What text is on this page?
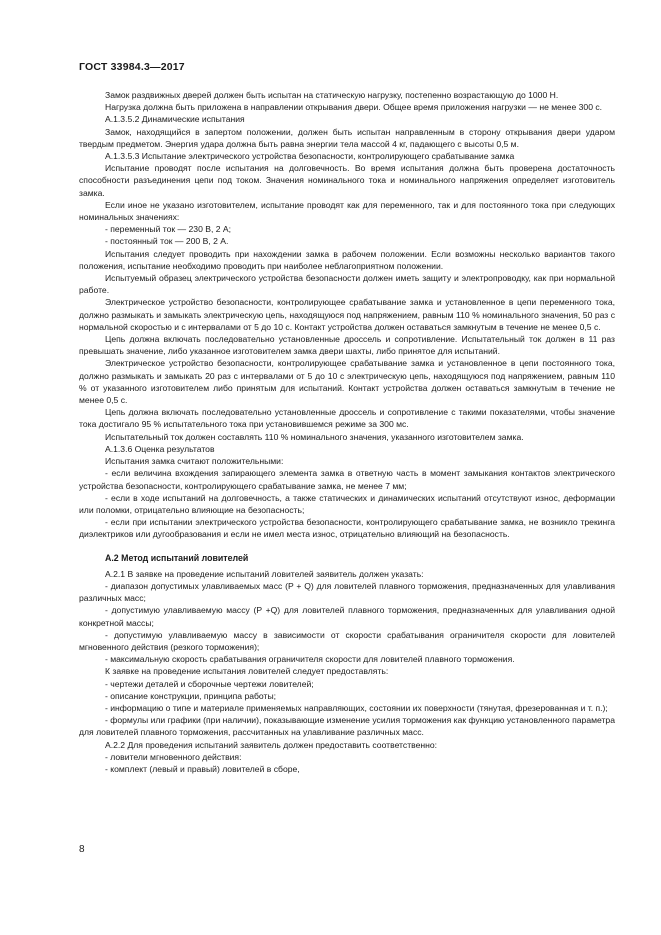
ГОСТ 33984.3—2017

Замок раздвижных дверей должен быть испытан на статическую нагрузку, постепенно возрастающую до 1000 Н.

Нагрузка должна быть приложена в направлении открывания двери. Общее время приложения нагрузки — не менее 300 с.

А.1.3.5.2 Динамические испытания

Замок, находящийся в запертом положении, должен быть испытан направленным в сторону открывания двери ударом твердым предметом. Энергия удара должна быть равна энергии тела массой 4 кг, падающего с высоты 0,5 м.

А.1.3.5.3 Испытание электрического устройства безопасности, контролирующего срабатывание замка

Испытание проводят после испытания на долговечность. Во время испытания должна быть проверена достаточность способности разъединения цепи под током. Значения номинального тока и номинального напряжения определяет изготовитель замка.

Если иное не указано изготовителем, испытание проводят как для переменного, так и для постоянного тока при следующих номинальных значениях:

- переменный ток — 230 В, 2 А;

- постоянный ток — 200 В, 2 А.

Испытания следует проводить при нахождении замка в рабочем положении. Если возможны несколько вариантов такого положения, испытание необходимо проводить при наиболее неблагоприятном положении.

Испытуемый образец электрического устройства безопасности должен иметь защиту и электропроводку, как при нормальной работе.

Электрическое устройство безопасности, контролирующее срабатывание замка и установленное в цепи переменного тока, должно размыкать и замыкать электрическую цепь, находящуюся под напряжением, равным 110 % номинального значения, 50 раз с нормальной скоростью и с интервалами от 5 до 10 с. Контакт устройства должен оставаться замкнутым в течение не менее 0,5 с.

Цепь должна включать последовательно установленные дроссель и сопротивление. Испытательный ток должен в 11 раз превышать значение, либо указанное изготовителем замка двери шахты, либо принятое для испытаний.

Электрическое устройство безопасности, контролирующее срабатывание замка и установленное в цепи постоянного тока, должно размыкать и замыкать 20 раз с интервалами от 5 до 10 с электрическую цепь, находящуюся под напряжением, равным 110 % от указанного изготовителем либо принятым для испытаний. Контакт устройства должен оставаться замкнутым в течение не менее 0,5 с.

Цепь должна включать последовательно установленные дроссель и сопротивление с такими показателями, чтобы значение тока достигало 95 % испытательного тока при установившемся режиме за 300 мс.

Испытательный ток должен составлять 110 % номинального значения, указанного изготовителем замка.

А.1.3.6 Оценка результатов

Испытания замка считают положительными:

- если величина вхождения запирающего элемента замка в ответную часть в момент замыкания контактов электрического устройства безопасности, контролирующего срабатывание замка, не менее 7 мм;

- если в ходе испытаний на долговечность, а также статических и динамических испытаний отсутствуют износ, деформации или поломки, отрицательно влияющие на безопасность;

- если при испытании электрического устройства безопасности, контролирующего срабатывание замка, не возникло трекинга диэлектриков или дугообразования и если не имел места износ, отрицательно влияющий на безопасность.

А.2 Метод испытаний ловителей

А.2.1 В заявке на проведение испытаний ловителей заявитель должен указать:

- диапазон допустимых улавливаемых масс (P + Q) для ловителей плавного торможения, предназначенных для улавливания различных масс;

- допустимую улавливаемую массу (P +Q) для ловителей плавного торможения, предназначенных для улавливания одной конкретной массы;

- допустимую улавливаемую массу в зависимости от скорости срабатывания ограничителя скорости для ловителей мгновенного действия (резкого торможения);

- максимальную скорость срабатывания ограничителя скорости для ловителей плавного торможения.

К заявке на проведение испытания ловителей следует предоставлять:

- чертежи деталей и сборочные чертежи ловителей;

- описание конструкции, принципа работы;

- информацию о типе и материале применяемых направляющих, состоянии их поверхности (тянутая, фрезерованная и т. п.);

- формулы или графики (при наличии), показывающие изменение усилия торможения как функцию установленного параметра для ловителей плавного торможения, рассчитанных на улавливание различных масс.

А.2.2 Для проведения испытаний заявитель должен предоставить соответственно:

- ловители мгновенного действия:

- комплект (левый и правый) ловителей в сборе,

8
